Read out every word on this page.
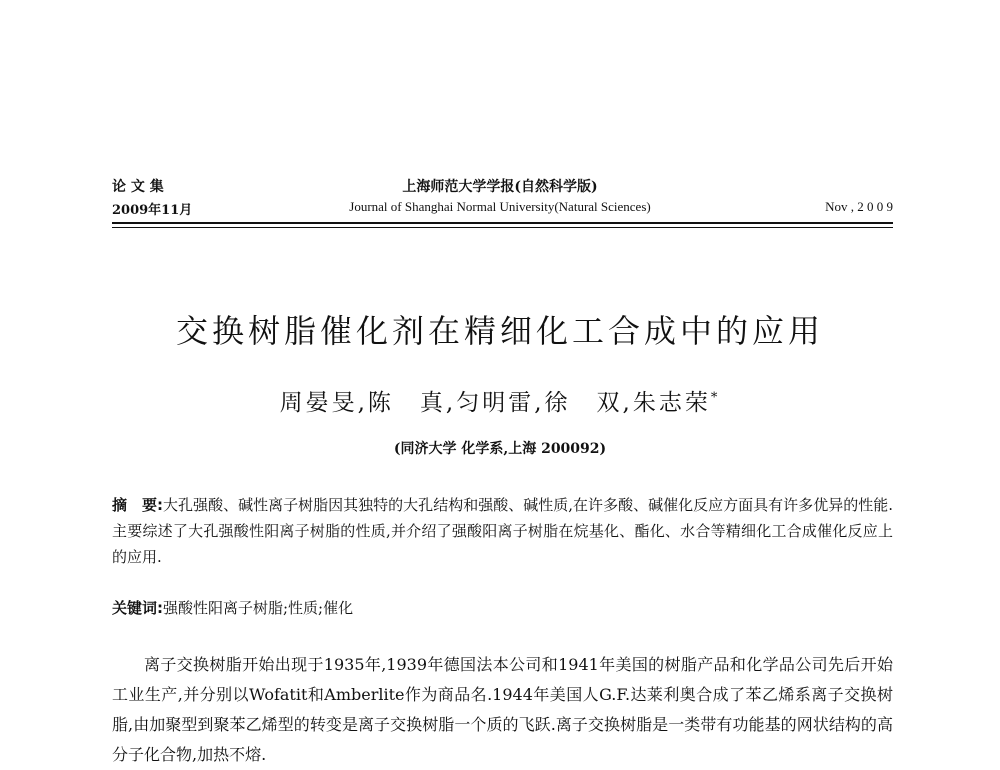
论 文 集
2009年11月
上海师范大学学报(自然科学版)
Journal of Shanghai Normal University(Natural Sciences)	Nov , 2 0 0 9
交换树脂催化剂在精细化工合成中的应用
周晏旻,陈　真,匀明雷,徐　双,朱志荣*
(同济大学 化学系,上海 200092)
摘　要:大孔强酸、碱性离子树脂因其独特的大孔结构和强酸、碱性质,在许多酸、碱催化反应方面具有许多优异的性能.主要综述了大孔强酸性阳离子树脂的性质,并介绍了强酸阳离子树脂在烷基化、酯化、水合等精细化工合成催化反应上的应用.
关键词:强酸性阳离子树脂;性质;催化
离子交换树脂开始出现于1935年,1939年德国法本公司和1941年美国的树脂产品和化学品公司先后开始工业生产,并分别以Wofatit和Amberlite作为商品名.1944年美国人G.F.达莱利奥合成了苯乙烯系离子交换树脂,由加聚型到聚苯乙烯型的转变是离子交换树脂一个质的飞跃.离子交换树脂是一类带有功能基的网状结构的高分子化合物,加热不熔.
